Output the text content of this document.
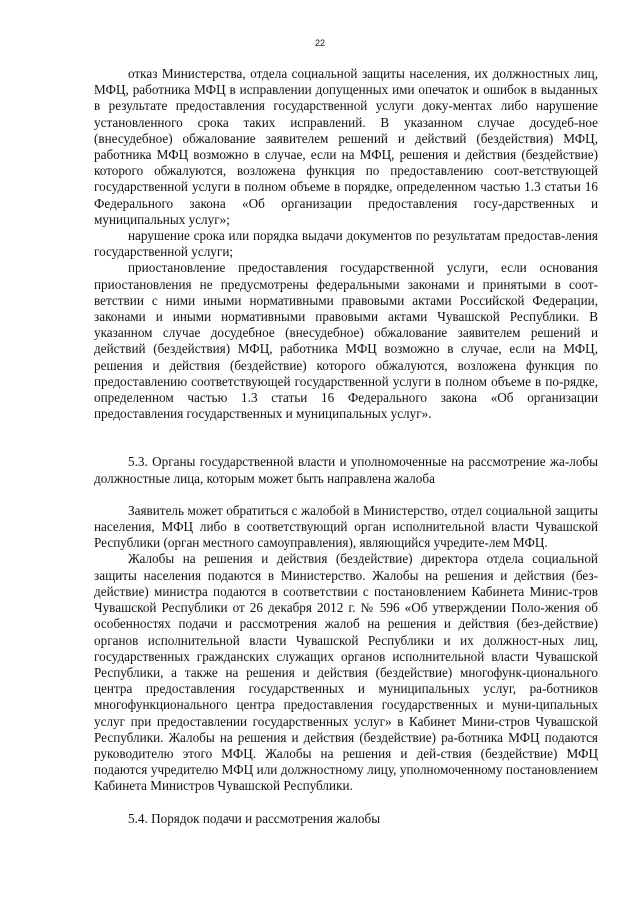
22

отказ Министерства, отдела социальной защиты населения, их должностных лиц, МФЦ, работника МФЦ в исправлении допущенных ими опечаток и ошибок в выданных в результате предоставления государственной услуги доку-ментах либо нарушение установленного срока таких исправлений. В указанном случае досудеб-ное (внесудебное) обжалование заявителем решений и действий (бездействия) МФЦ, работника МФЦ возможно в случае, если на МФЦ, решения и действия (бездействие) которого обжалуются, возложена функция по предоставлению соот-ветствующей государственной услуги в полном объеме в порядке, определенном частью 1.3 статьи 16 Федерального закона «Об организации предоставления госу-дарственных и муниципальных услуг»;

нарушение срока или порядка выдачи документов по результатам предостав-ления государственной услуги;

приостановление предоставления государственной услуги, если основания приостановления не предусмотрены федеральными законами и принятыми в соот-ветствии с ними иными нормативными правовыми актами Российской Федерации, законами и иными нормативными правовыми актами Чувашской Республики. В указанном случае досудебное (внесудебное) обжалование заявителем решений и действий (бездействия) МФЦ, работника МФЦ возможно в случае, если на МФЦ, решения и действия (бездействие) которого обжалуются, возложена функция по предоставлению соответствующей государственной услуги в полном объеме в по-рядке, определенном частью 1.3 статьи 16 Федерального закона «Об организации предоставления государственных и муниципальных услуг».

5.3. Органы государственной власти и уполномоченные на рассмотрение жа-лобы должностные лица, которым может быть направлена жалоба

Заявитель может обратиться с жалобой в Министерство, отдел социальной защиты населения, МФЦ либо в соответствующий орган исполнительной власти Чувашской Республики (орган местного самоуправления), являющийся учредите-лем МФЦ.

Жалобы на решения и действия (бездействие) директора отдела социальной защиты населения подаются в Министерство. Жалобы на решения и действия (без-действие) министра подаются в соответствии с постановлением Кабинета Минис-тров Чувашской Республики от 26 декабря 2012 г. № 596 «Об утверждении Поло-жения об особенностях подачи и рассмотрения жалоб на решения и действия (без-действие) органов исполнительной власти Чувашской Республики и их должност-ных лиц, государственных гражданских служащих органов исполнительной власти Чувашской Республики, а также на решения и действия (бездействие) многофунк-ционального центра предоставления государственных и муниципальных услуг, ра-ботников многофункционального центра предоставления государственных и муни-ципальных услуг при предоставлении государственных услуг» в Кабинет Мини-стров Чувашской Республики. Жалобы на решения и действия (бездействие) ра-ботника МФЦ подаются руководителю этого МФЦ. Жалобы на решения и дей-ствия (бездействие) МФЦ подаются учредителю МФЦ или должностному лицу, уполномоченному постановлением Кабинета Министров Чувашской Республики.

5.4. Порядок подачи и рассмотрения жалобы
